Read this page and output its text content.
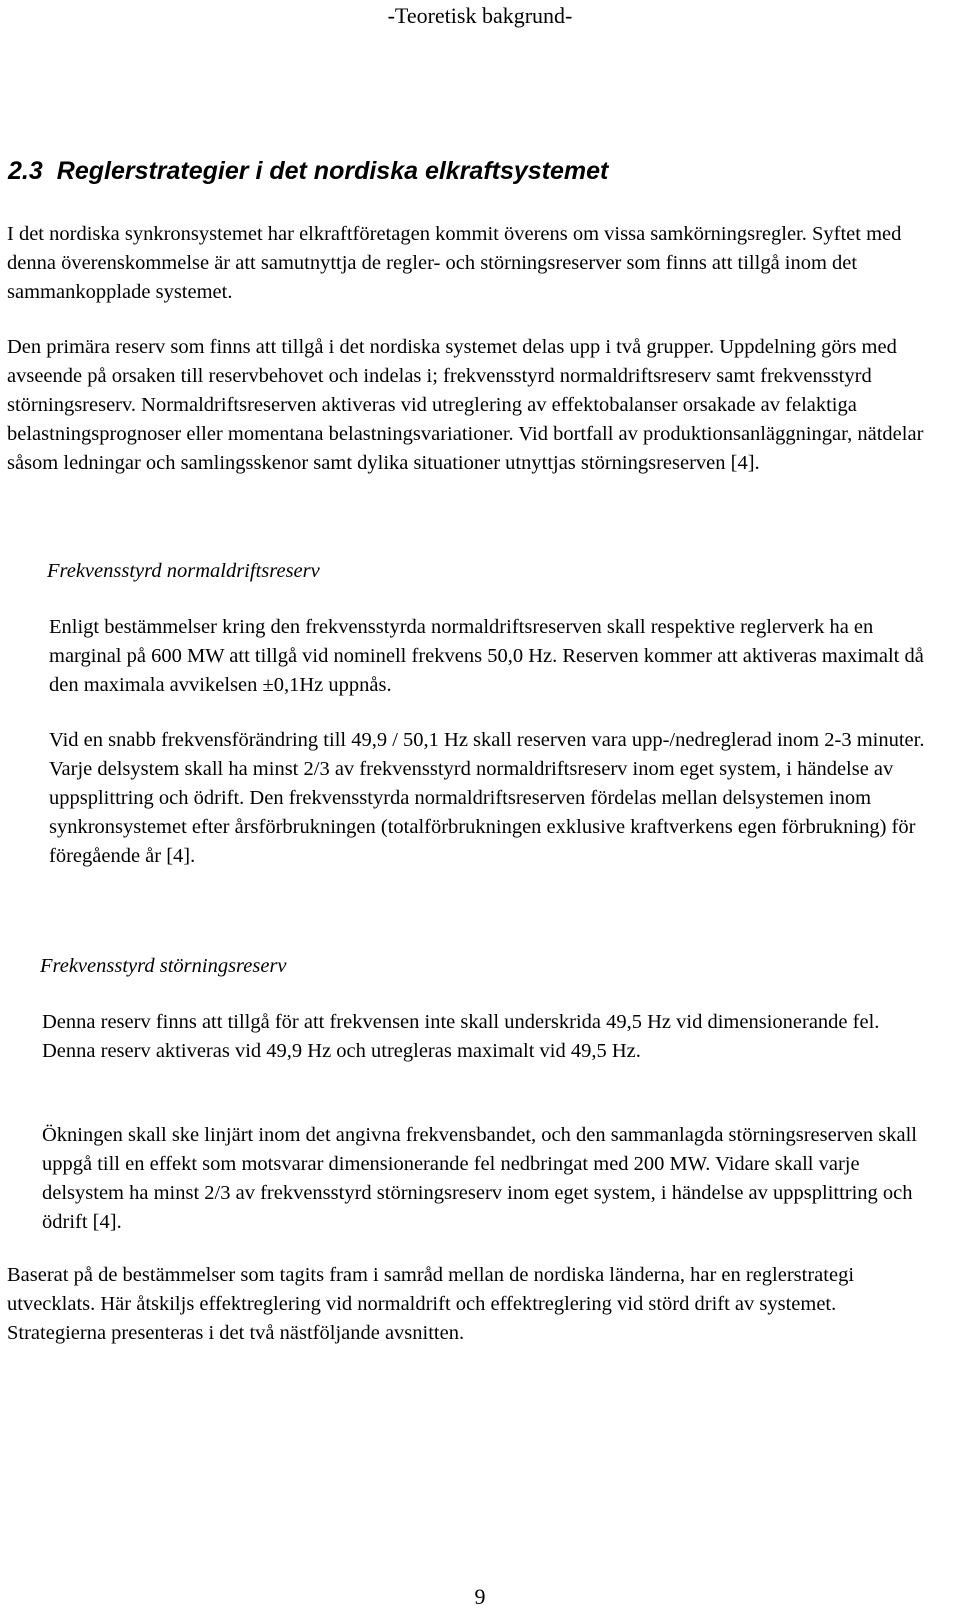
-Teoretisk bakgrund-
2.3 Reglerstrategier i det nordiska elkraftsystemet

I det nordiska synkronsystemet har elkraftföretagen kommit överens om vissa samkörningsregler. Syftet med denna överenskommelse är att samutnyttja de regler- och störningsreserver som finns att tillgå inom det sammankopplade systemet.

Den primära reserv som finns att tillgå i det nordiska systemet delas upp i två grupper. Uppdelning görs med avseende på orsaken till reservbehovet och indelas i; frekvensstyrd normaldriftsreserv samt frekvensstyrd störningsreserv. Normaldriftsreserven aktiveras vid utreglering av effektobalanser orsakade av felaktiga belastningsprognoser eller momentana belastningsvariationer. Vid bortfall av produktionsanläggningar, nätdelar såsom ledningar och samlingsskenor samt dylika situationer utnyttjas störningsreserven [4].

Frekvensstyrd normaldriftsreserv

Enligt bestämmelser kring den frekvensstyrda normaldriftsreserven skall respektive reglerverk ha en marginal på 600 MW att tillgå vid nominell frekvens 50,0 Hz. Reserven kommer att aktiveras maximalt då den maximala avvikelsen ±0,1Hz uppnås.

Vid en snabb frekvensförändring till 49,9 / 50,1 Hz skall reserven vara upp-/nedreglerad inom 2-3 minuter. Varje delsystem skall ha minst 2/3 av frekvensstyrd normaldriftsreserv inom eget system, i händelse av uppsplittring och ödrift. Den frekvensstyrda normaldriftsreserven fördelas mellan delsystemen inom synkronsystemet efter årsförbrukningen (totalförbrukningen exklusive kraftverkens egen förbrukning) för föregående år [4].

Frekvensstyrd störningsreserv

Denna reserv finns att tillgå för att frekvensen inte skall underskrida 49,5 Hz vid dimensionerande fel. Denna reserv aktiveras vid 49,9 Hz och utregleras maximalt vid 49,5 Hz.

Ökningen skall ske linjärt inom det angivna frekvensbandet, och den sammanlagda störningsreserven skall uppgå till en effekt som motsvarar dimensionerande fel nedbringat med 200 MW. Vidare skall varje delsystem ha minst 2/3 av frekvensstyrd störningsreserv inom eget system, i händelse av uppsplittring och ödrift [4].

Baserat på de bestämmelser som tagits fram i samråd mellan de nordiska länderna, har en reglerstrategi utvecklats. Här åtskiljs effektreglering vid normaldrift och effektreglering vid störd drift av systemet. Strategierna presenteras i det två nästföljande avsnitten.

9
